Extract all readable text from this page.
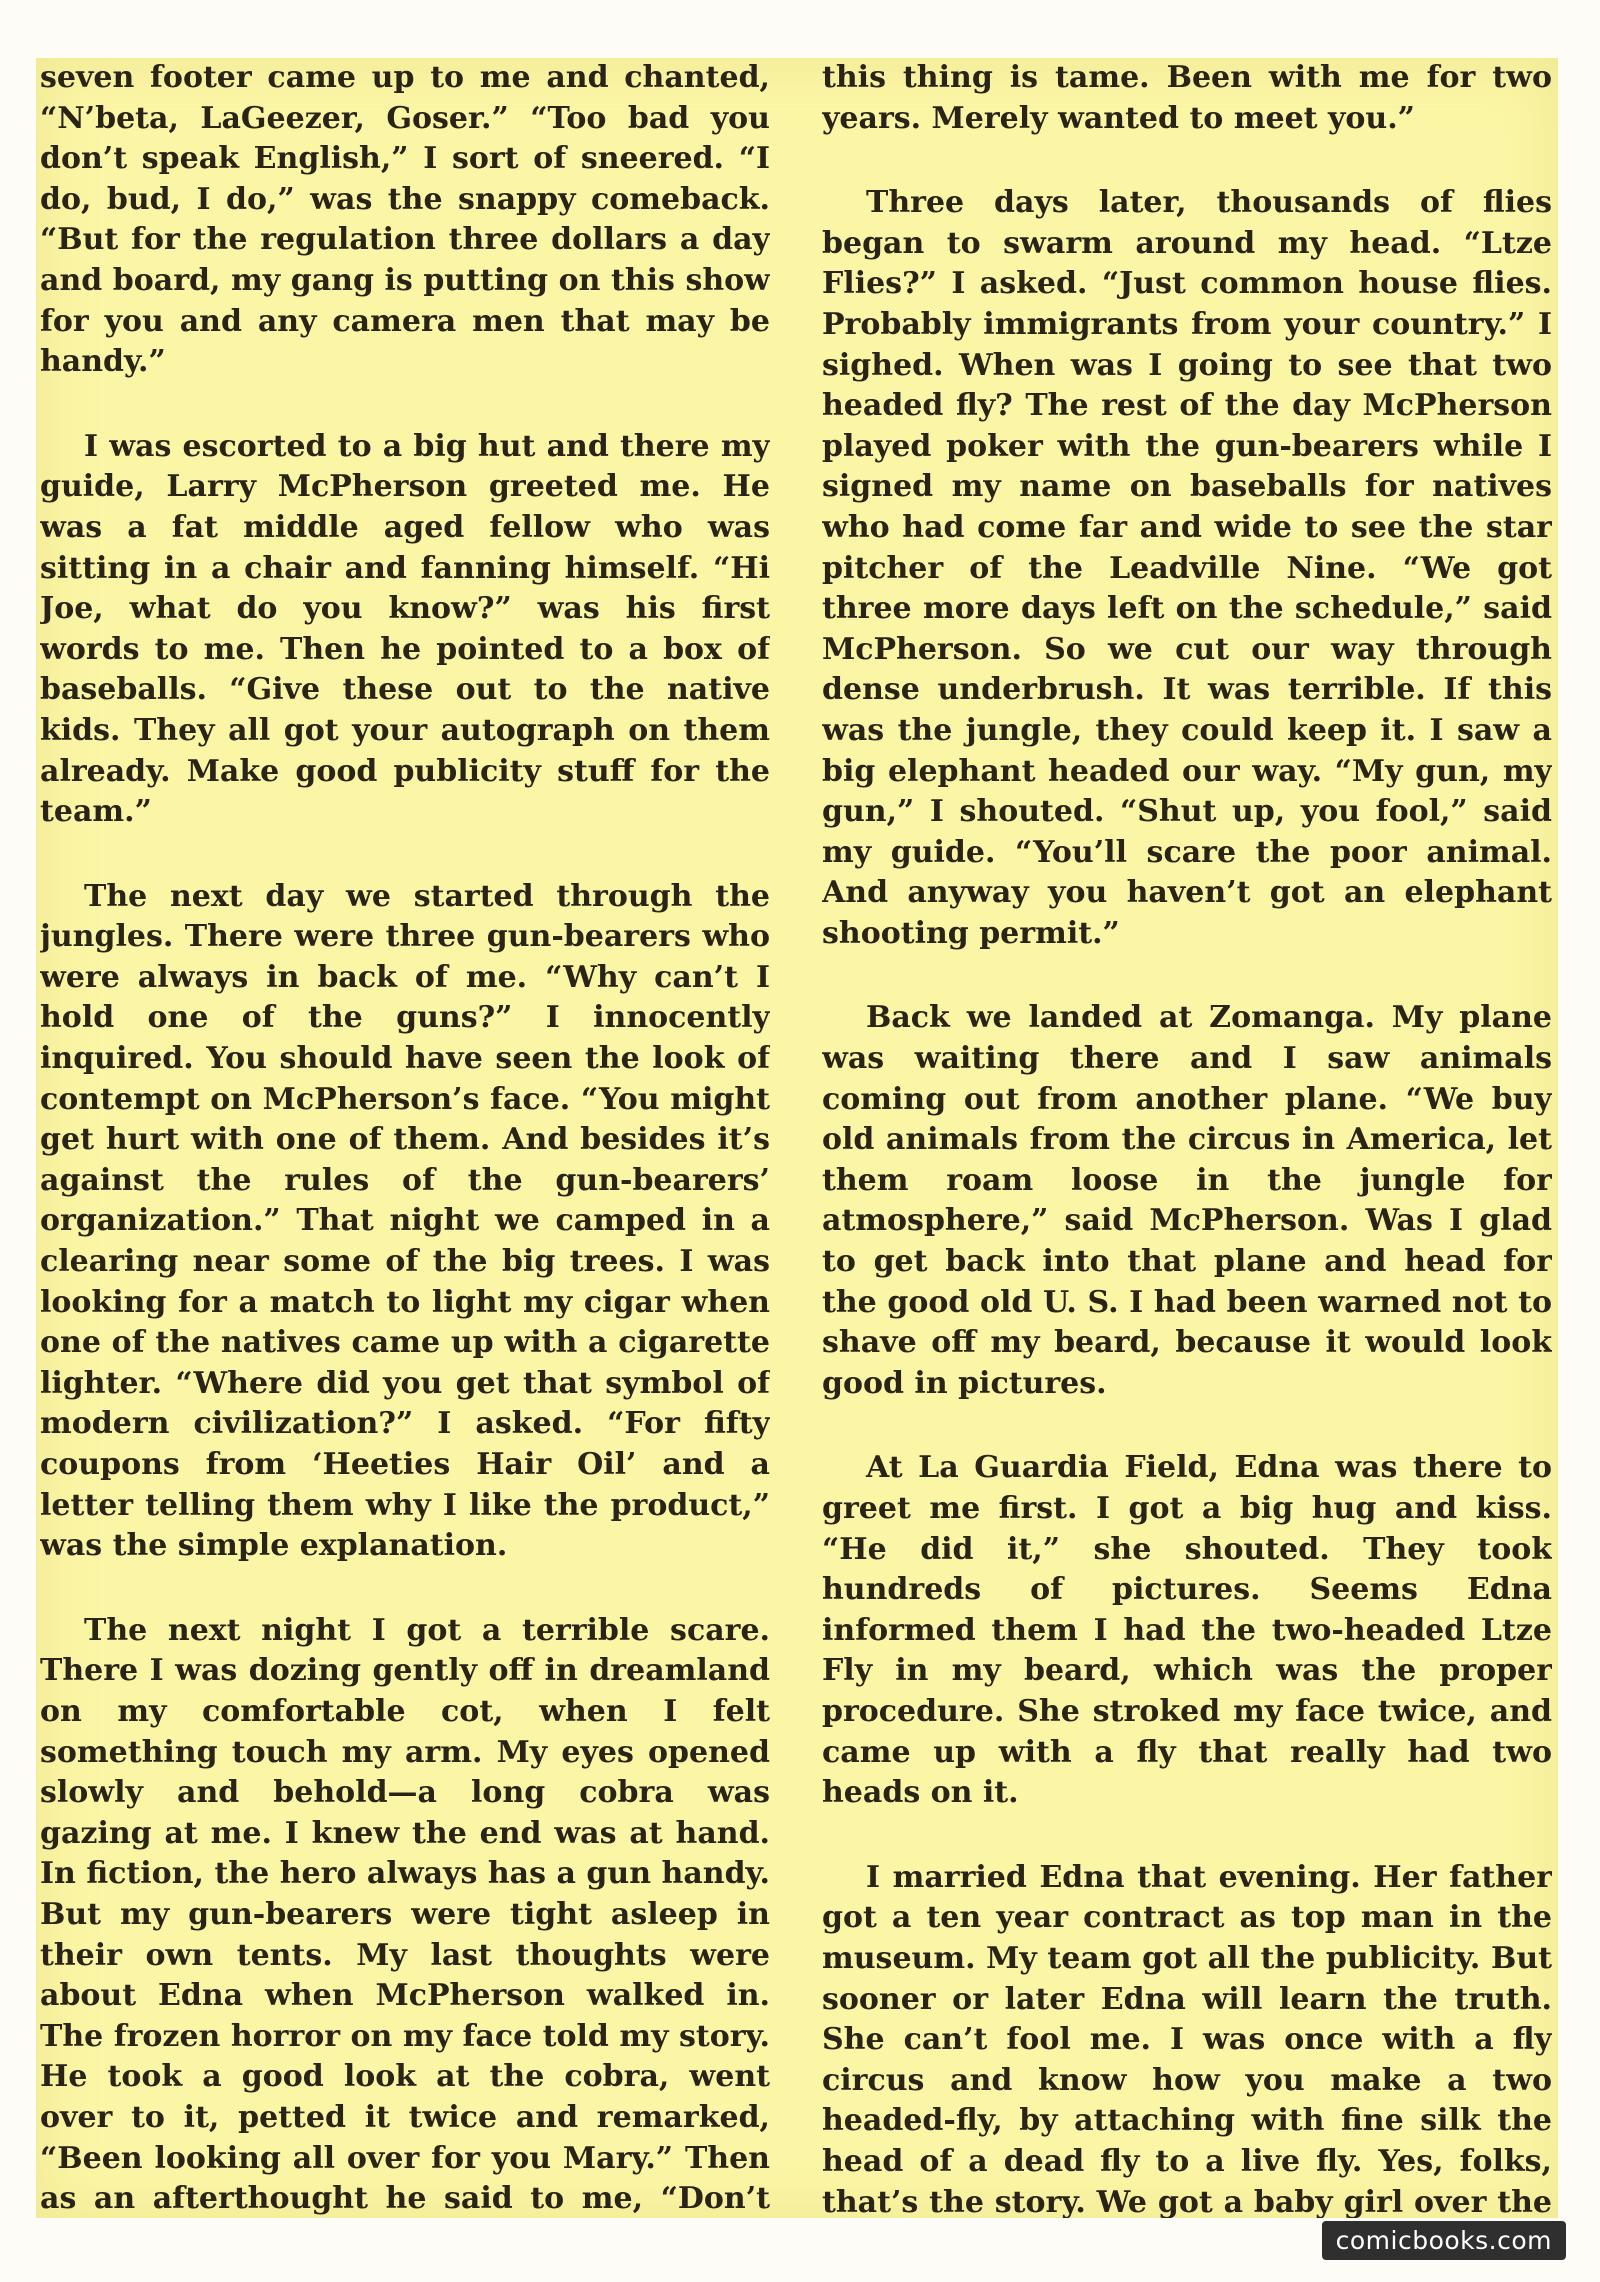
seven footer came up to me and chanted, “N’beta, LaGeezer, Goser.” “Too bad you don’t speak English,” I sort of sneered. “I do, bud, I do,” was the snappy comeback. “But for the regulation three dollars a day and board, my gang is putting on this show for you and any camera men that may be handy.”

I was escorted to a big hut and there my guide, Larry McPherson greeted me. He was a fat middle aged fellow who was sitting in a chair and fanning himself. “Hi Joe, what do you know?” was his first words to me. Then he pointed to a box of baseballs. “Give these out to the native kids. They all got your autograph on them already. Make good publicity stuff for the team.”

The next day we started through the jungles. There were three gun-bearers who were always in back of me. “Why can’t I hold one of the guns?” I innocently inquired. You should have seen the look of contempt on McPherson’s face. “You might get hurt with one of them. And besides it’s against the rules of the gun-bearers’ organization.” That night we camped in a clearing near some of the big trees. I was looking for a match to light my cigar when one of the natives came up with a cigarette lighter. “Where did you get that symbol of modern civilization?” I asked. “For fifty coupons from ‘Heeties Hair Oil’ and a letter telling them why I like the product,” was the simple explanation.

The next night I got a terrible scare. There I was dozing gently off in dreamland on my comfortable cot, when I felt something touch my arm. My eyes opened slowly and behold—a long cobra was gazing at me. I knew the end was at hand. In fiction, the hero always has a gun handy. But my gun-bearers were tight asleep in their own tents. My last thoughts were about Edna when McPherson walked in. The frozen horror on my face told my story. He took a good look at the cobra, went over to it, petted it twice and remarked, “Been looking all over for you Mary.” Then as an afterthought he said to me, “Don’t

this thing is tame. Been with me for two years. Merely wanted to meet you.”

Three days later, thousands of flies began to swarm around my head. “Ltze Flies?” I asked. “Just common house flies. Probably immigrants from your country.” I sighed. When was I going to see that two headed fly? The rest of the day McPherson played poker with the gun-bearers while I signed my name on baseballs for natives who had come far and wide to see the star pitcher of the Leadville Nine. “We got three more days left on the schedule,” said McPherson. So we cut our way through dense underbrush. It was terrible. If this was the jungle, they could keep it. I saw a big elephant headed our way. “My gun, my gun,” I shouted. “Shut up, you fool,” said my guide. “You’ll scare the poor animal. And anyway you haven’t got an elephant shooting permit.”

Back we landed at Zomanga. My plane was waiting there and I saw animals coming out from another plane. “We buy old animals from the circus in America, let them roam loose in the jungle for atmosphere,” said McPherson. Was I glad to get back into that plane and head for the good old U. S. I had been warned not to shave off my beard, because it would look good in pictures.

At La Guardia Field, Edna was there to greet me first. I got a big hug and kiss. “He did it,” she shouted. They took hundreds of pictures. Seems Edna informed them I had the two-headed Ltze Fly in my beard, which was the proper procedure. She stroked my face twice, and came up with a fly that really had two heads on it.

I married Edna that evening. Her father got a ten year contract as top man in the museum. My team got all the publicity. But sooner or later Edna will learn the truth. She can’t fool me. I was once with a fly circus and know how you make a two headed-fly, by attaching with fine silk the head of a dead fly to a live fly. Yes, folks, that’s the story. We got a baby girl over the

comicbooks.com
